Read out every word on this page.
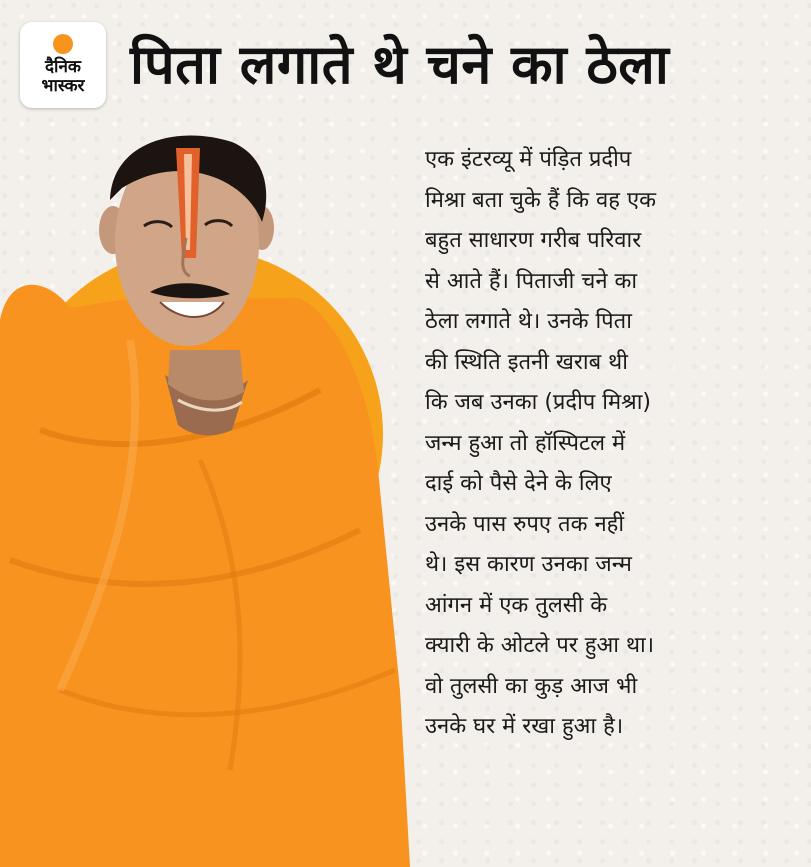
दैनिक
भास्कर पिता लगाते थे चने का ठेला
एक इंटरव्यू में पंड़ित प्रदीप
मिश्रा बता चुके हैं कि वह एक
बहुत साधारण गरीब परिवार
से आते हैं। पिताजी चने का
ठेला लगाते थे। उनके पिता
की स्थिति इतनी खराब थी
कि जब उनका (प्रदीप मिश्रा)
जन्म हुआ तो हॉस्पिटल में
दाई को पैसे देने के लिए
उनके पास रुपए तक नहीं
थे। इस कारण उनका जन्म
आंगन में एक तुलसी के
क्यारी के ओटले पर हुआ था।
वो तुलसी का कुड़ आज भी
उनके घर में रखा हुआ है।
